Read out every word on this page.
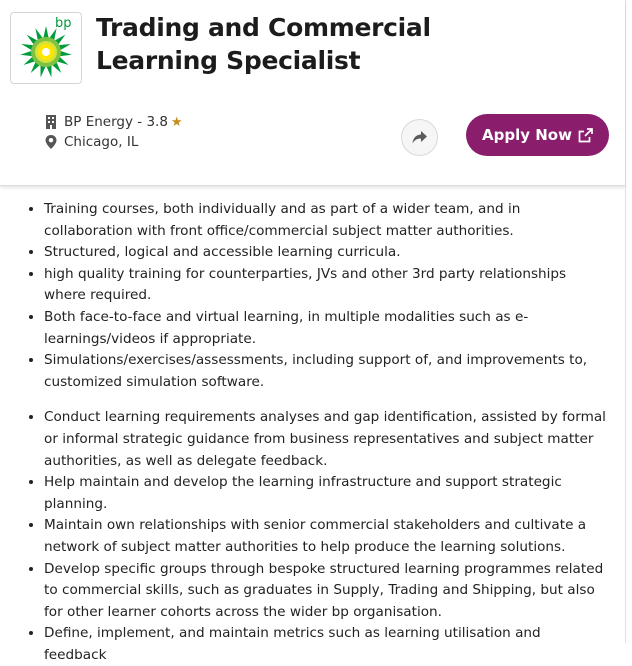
bp Trading and Commercial Learning Specialist
BP Energy - 3.8 ★
Chicago, IL	Apply Now
• Training courses, both individually and as part of a wider team, and in collaboration with front office/commercial subject matter authorities.
• Structured, logical and accessible learning curricula.
• high quality training for counterparties, JVs and other 3rd party relationships where required.
• Both face-to-face and virtual learning, in multiple modalities such as e-learnings/videos if appropriate.
• Simulations/exercises/assessments, including support of, and improvements to, customized simulation software.
• Conduct learning requirements analyses and gap identification, assisted by formal or informal strategic guidance from business representatives and subject matter authorities, as well as delegate feedback.
• Help maintain and develop the learning infrastructure and support strategic planning.
• Maintain own relationships with senior commercial stakeholders and cultivate a network of subject matter authorities to help produce the learning solutions.
• Develop specific groups through bespoke structured learning programmes related to commercial skills, such as graduates in Supply, Trading and Shipping, but also for other learner cohorts across the wider bp organisation.
• Define, implement, and maintain metrics such as learning utilisation and feedback
